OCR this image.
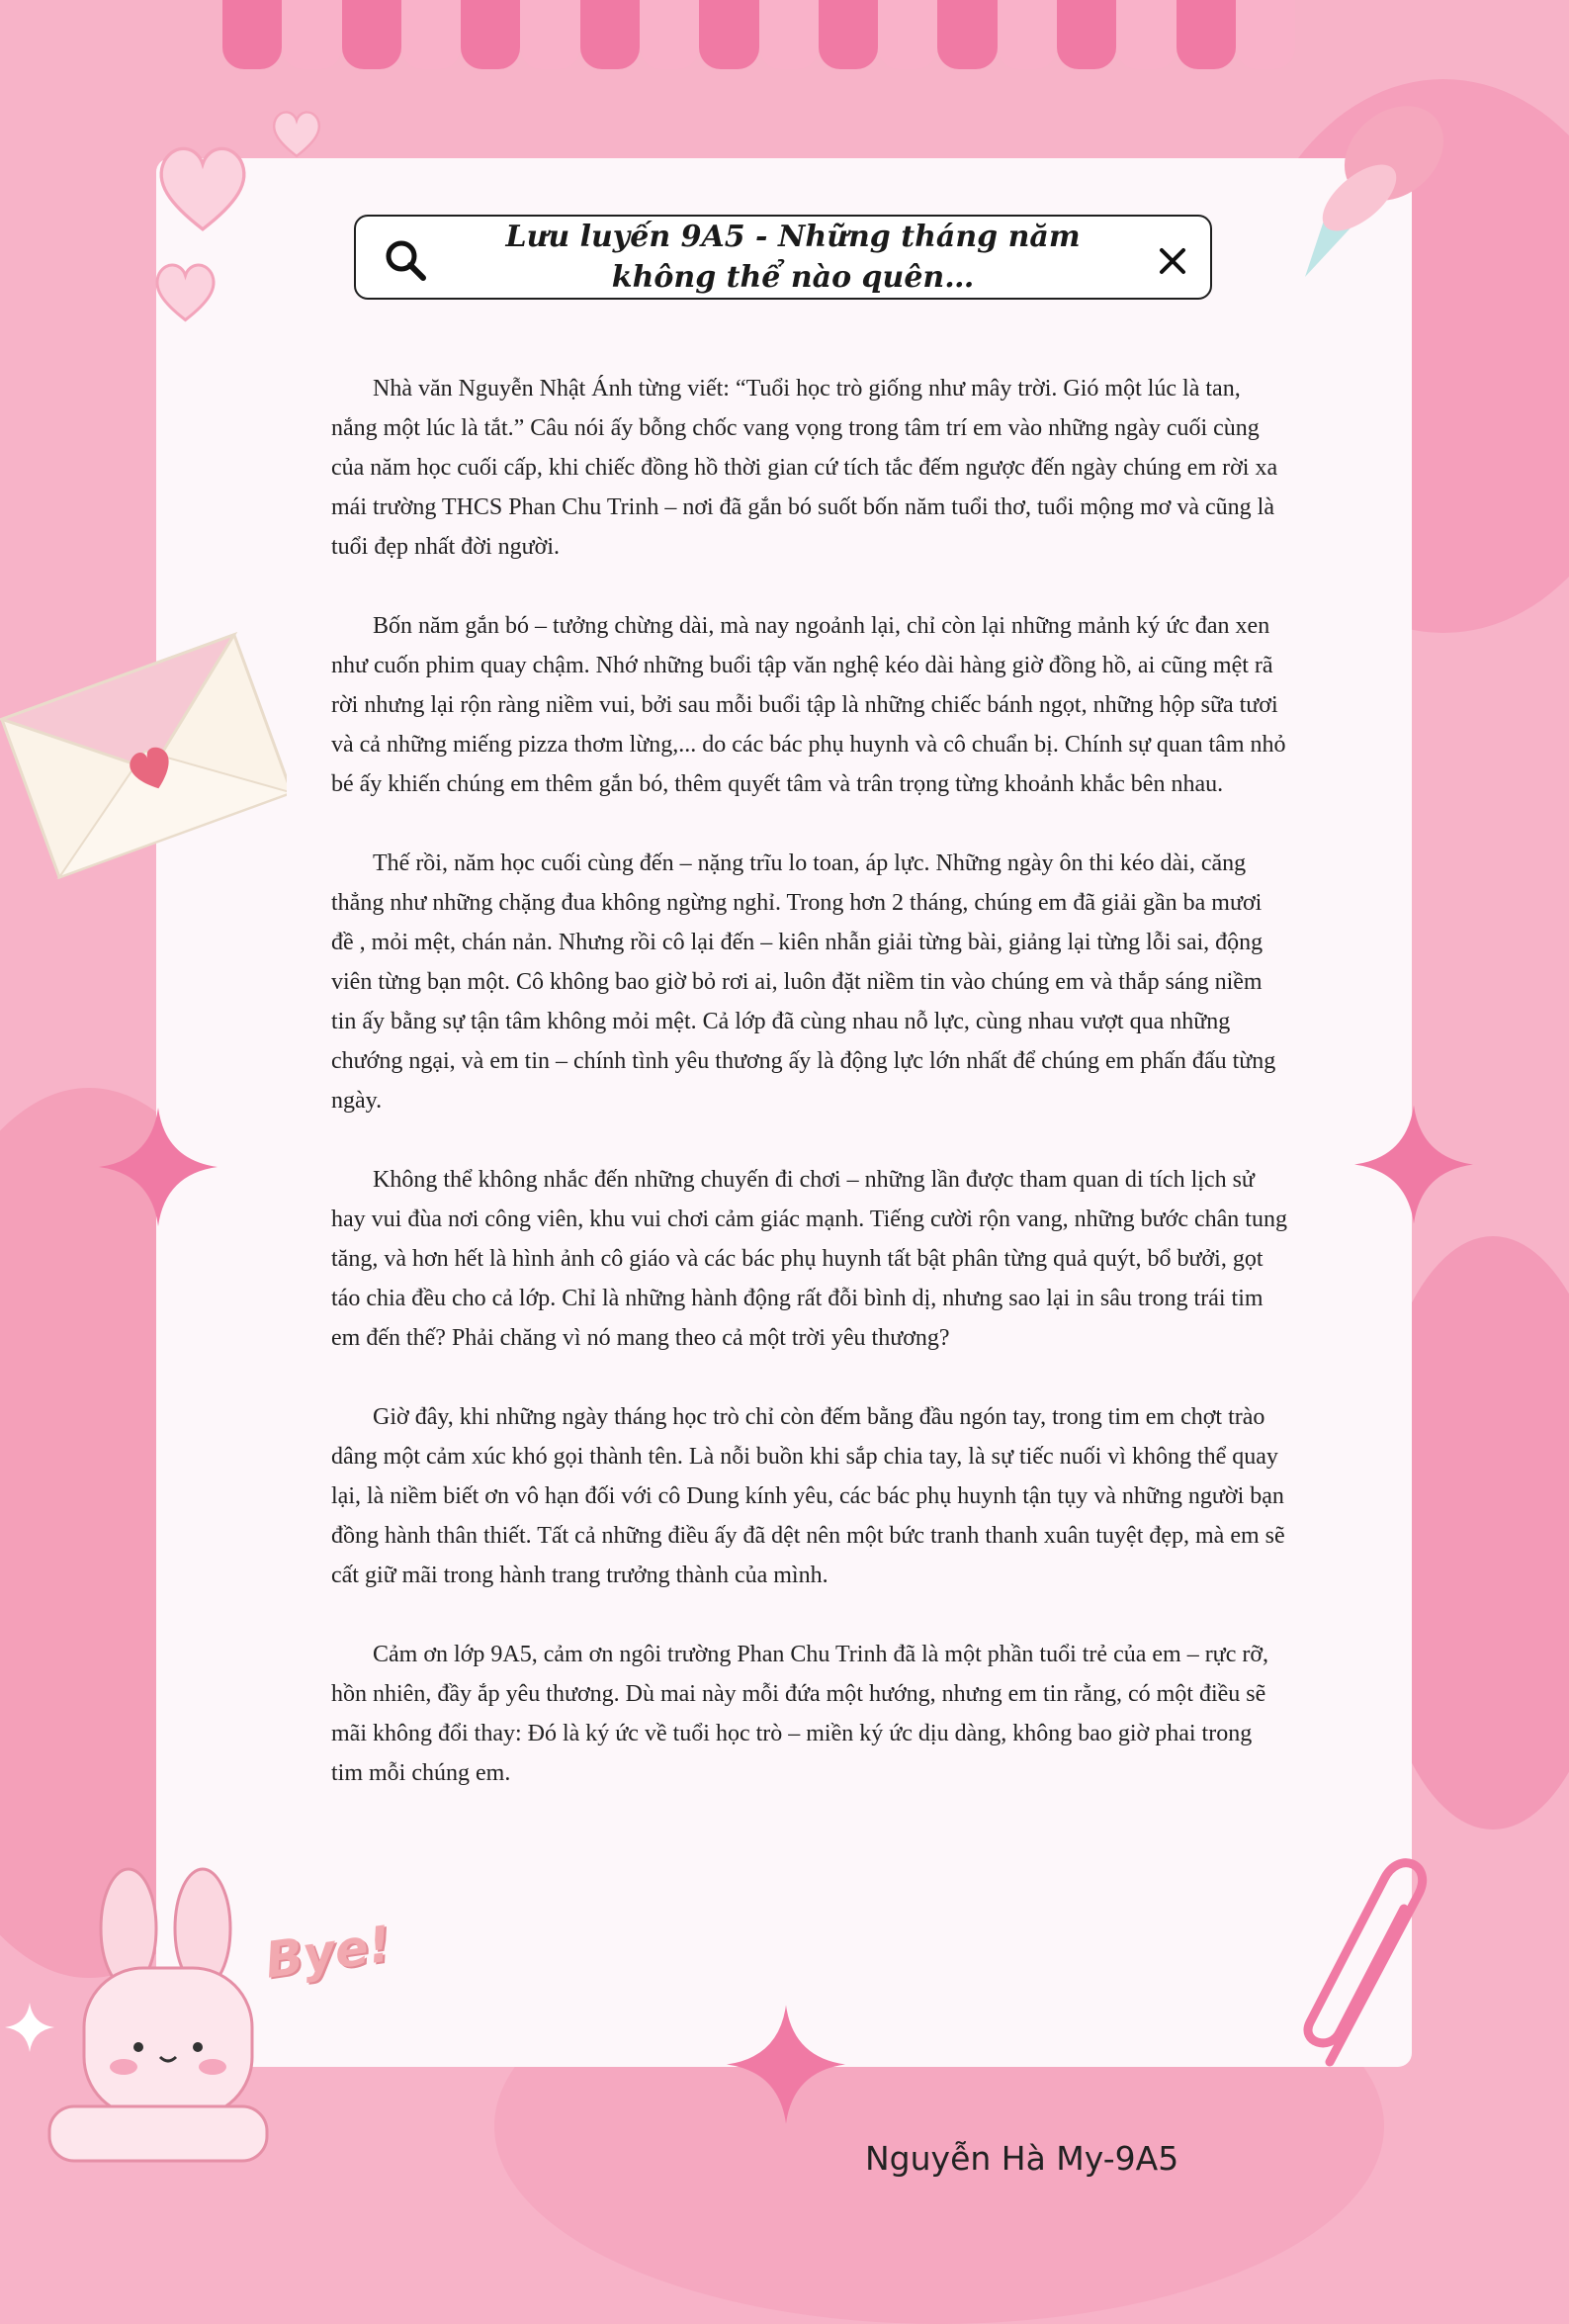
Bye!
Lưu luyến 9A5 - Những tháng năm
không thể nào quên…

Nhà văn Nguyễn Nhật Ánh từng viết: “Tuổi học trò giống như mây trời. Gió một lúc là tan, nắng một lúc là tắt.” Câu nói ấy bỗng chốc vang vọng trong tâm trí em vào những ngày cuối cùng của năm học cuối cấp, khi chiếc đồng hồ thời gian cứ tích tắc đếm ngược đến ngày chúng em rời xa mái trường THCS Phan Chu Trinh – nơi đã gắn bó suốt bốn năm tuổi thơ, tuổi mộng mơ và cũng là tuổi đẹp nhất đời người.

Bốn năm gắn bó – tưởng chừng dài, mà nay ngoảnh lại, chỉ còn lại những mảnh ký ức đan xen như cuốn phim quay chậm. Nhớ những buổi tập văn nghệ kéo dài hàng giờ đồng hồ, ai cũng mệt rã rời nhưng lại rộn ràng niềm vui, bởi sau mỗi buổi tập là những chiếc bánh ngọt, những hộp sữa tươi và cả những miếng pizza thơm lừng,... do các bác phụ huynh và cô chuẩn bị. Chính sự quan tâm nhỏ bé ấy khiến chúng em thêm gắn bó, thêm quyết tâm và trân trọng từng khoảnh khắc bên nhau.

Thế rồi, năm học cuối cùng đến – nặng trĩu lo toan, áp lực. Những ngày ôn thi kéo dài, căng thẳng như những chặng đua không ngừng nghỉ. Trong hơn 2 tháng, chúng em đã giải gần ba mươi đề , mỏi mệt, chán nản. Nhưng rồi cô lại đến – kiên nhẫn giải từng bài, giảng lại từng lỗi sai, động viên từng bạn một. Cô không bao giờ bỏ rơi ai, luôn đặt niềm tin vào chúng em và thắp sáng niềm tin ấy bằng sự tận tâm không mỏi mệt. Cả lớp đã cùng nhau nỗ lực, cùng nhau vượt qua những chướng ngại, và em tin – chính tình yêu thương ấy là động lực lớn nhất để chúng em phấn đấu từng ngày.

Không thể không nhắc đến những chuyến đi chơi – những lần được tham quan di tích lịch sử hay vui đùa nơi công viên, khu vui chơi cảm giác mạnh. Tiếng cười rộn vang, những bước chân tung tăng, và hơn hết là hình ảnh cô giáo và các bác phụ huynh tất bật phân từng quả quýt, bổ bưởi, gọt táo chia đều cho cả lớp. Chỉ là những hành động rất đỗi bình dị, nhưng sao lại in sâu trong trái tim em đến thế? Phải chăng vì nó mang theo cả một trời yêu thương?

Giờ đây, khi những ngày tháng học trò chỉ còn đếm bằng đầu ngón tay, trong tim em chợt trào dâng một cảm xúc khó gọi thành tên. Là nỗi buồn khi sắp chia tay, là sự tiếc nuối vì không thể quay lại, là niềm biết ơn vô hạn đối với cô Dung kính yêu, các bác phụ huynh tận tụy và những người bạn đồng hành thân thiết. Tất cả những điều ấy đã dệt nên một bức tranh thanh xuân tuyệt đẹp, mà em sẽ cất giữ mãi trong hành trang trưởng thành của mình.

Cảm ơn lớp 9A5, cảm ơn ngôi trường Phan Chu Trinh đã là một phần tuổi trẻ của em – rực rỡ, hồn nhiên, đầy ắp yêu thương. Dù mai này mỗi đứa một hướng, nhưng em tin rằng, có một điều sẽ mãi không đổi thay: Đó là ký ức về tuổi học trò – miền ký ức dịu dàng, không bao giờ phai trong tim mỗi chúng em.

Nguyễn Hà My-9A5
